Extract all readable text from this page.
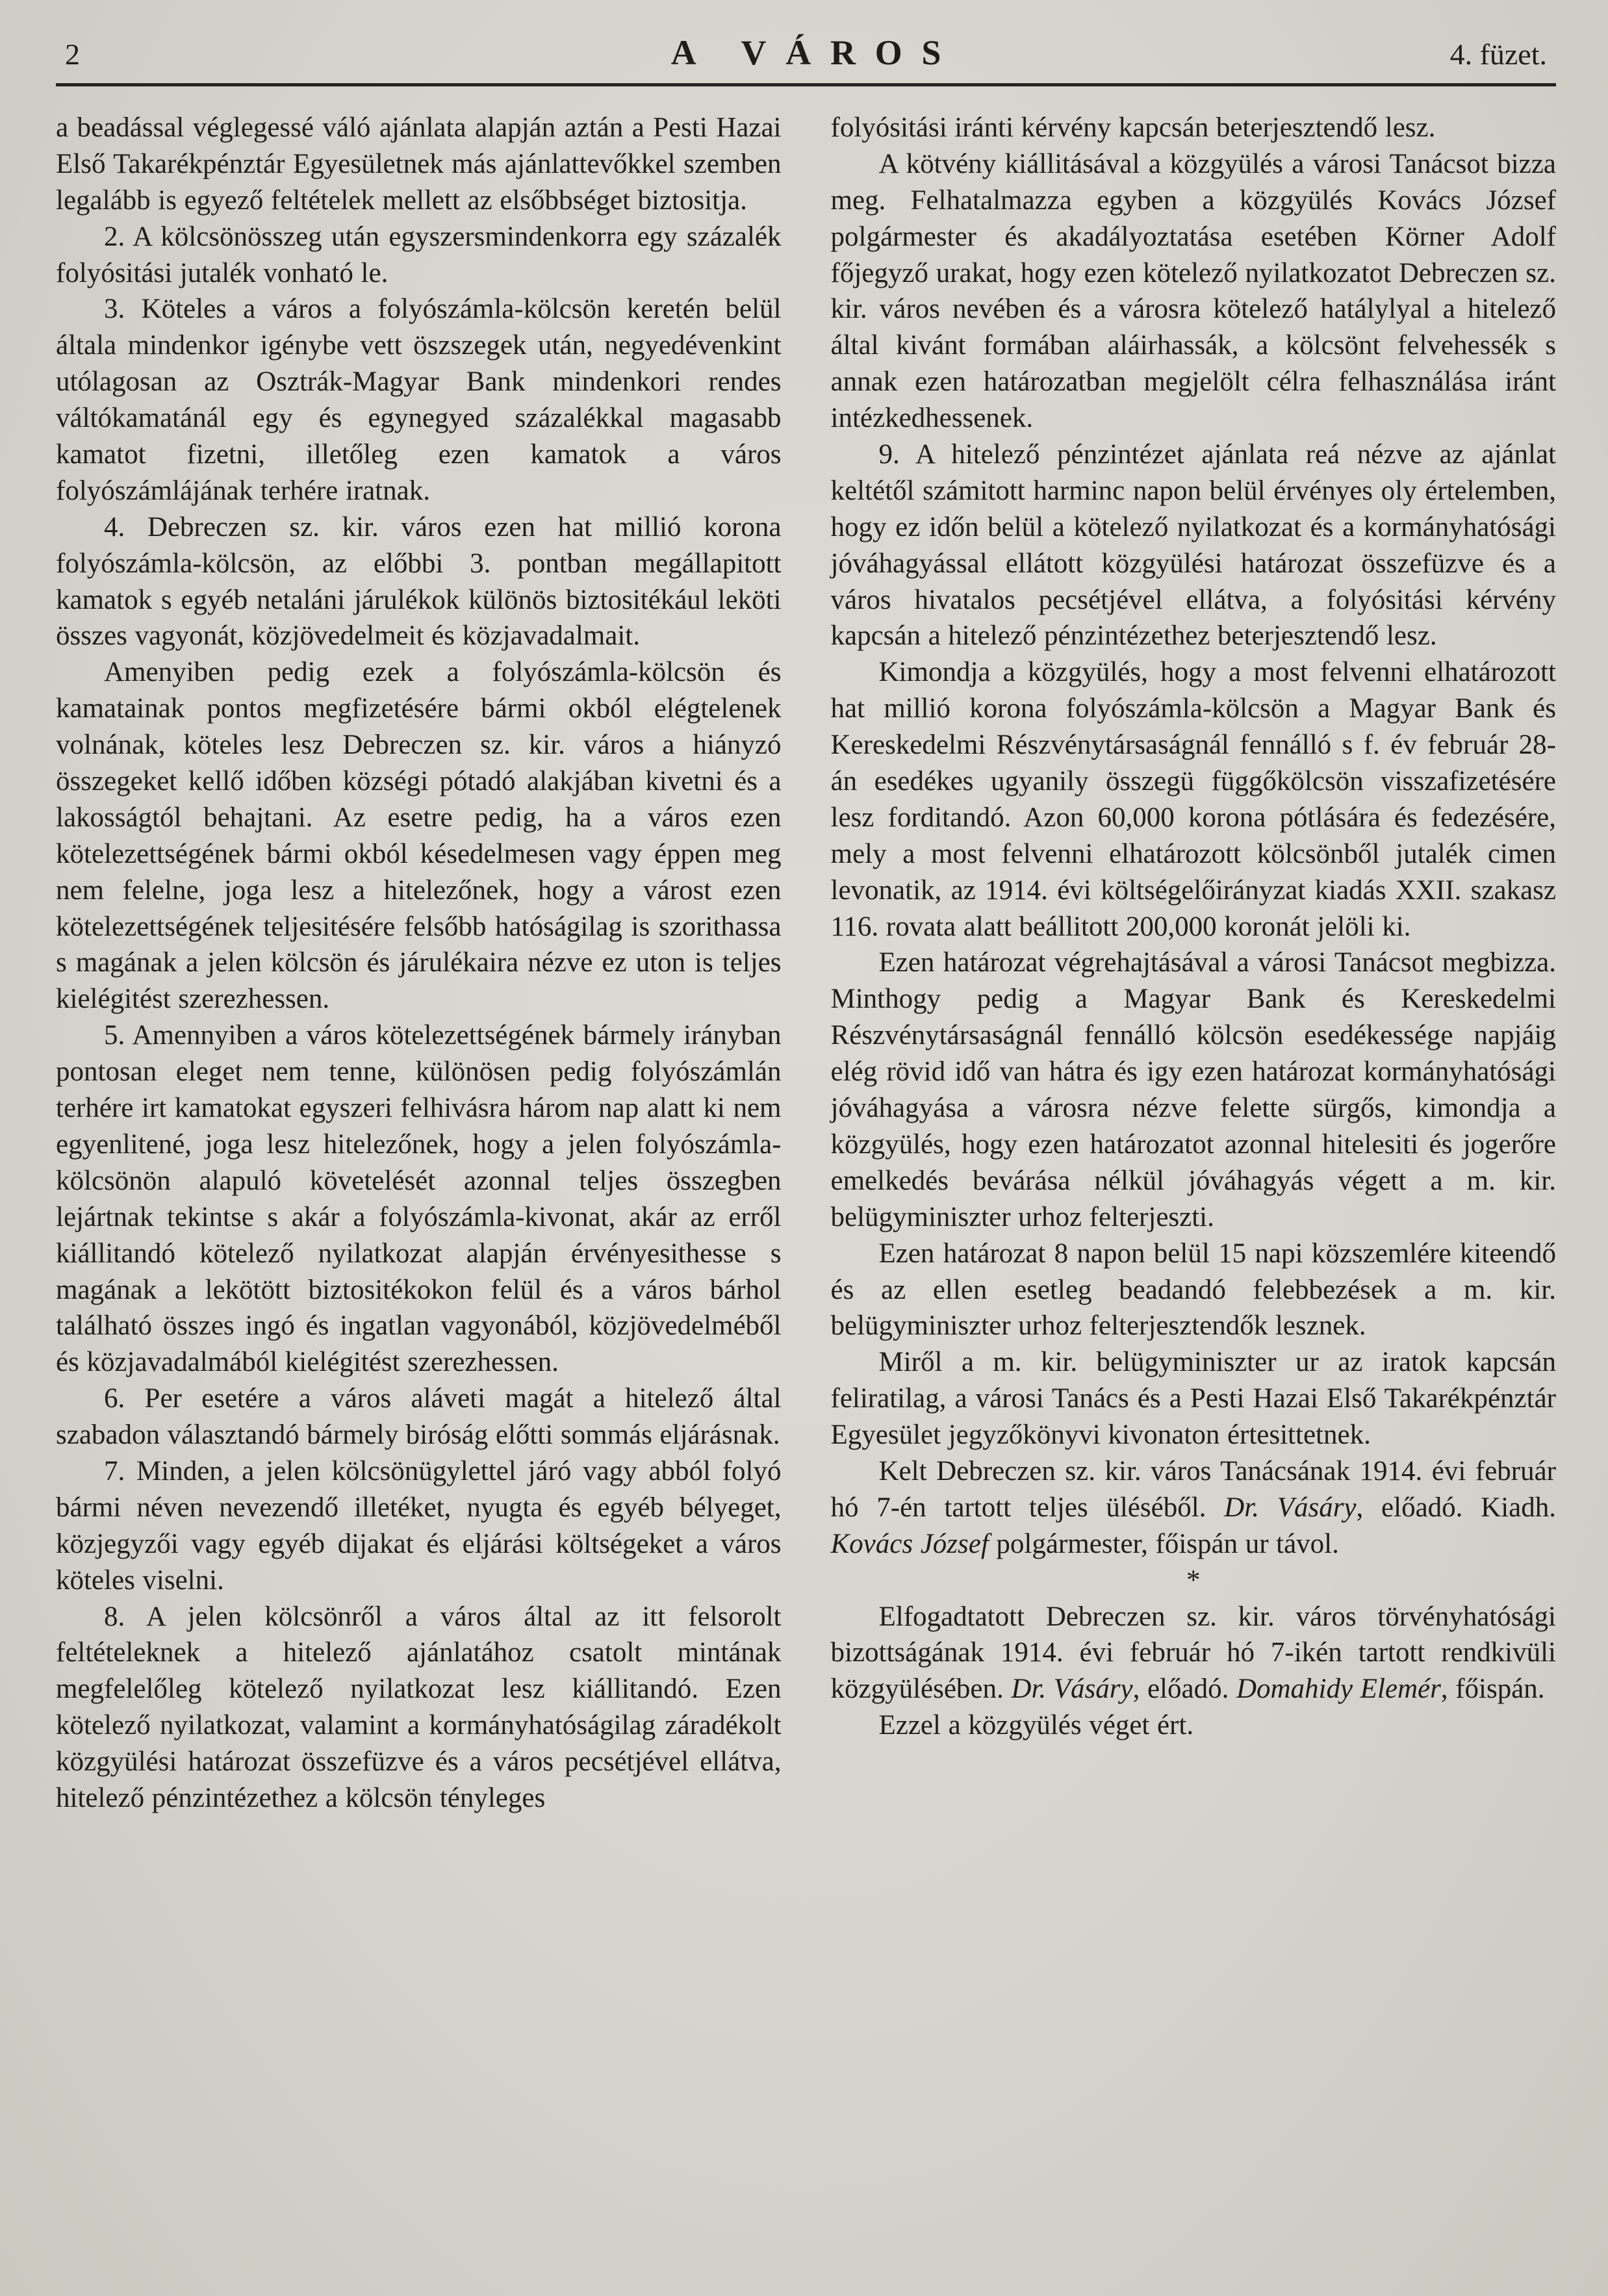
2	A VÁROS	4. füzet.

a beadással véglegessé váló ajánlata alapján aztán a Pesti Hazai Első Takarékpénztár Egyesületnek más ajánlattevőkkel szemben legalább is egyező feltételek mellett az elsőbbséget biztositja.

2. A kölcsönösszeg után egyszersmindenkorra egy százalék folyósitási jutalék vonható le.

3. Köteles a város a folyószámla-kölcsön keretén belül általa mindenkor igénybe vett öszszegek után, negyedévenkint utólagosan az Osztrák-Magyar Bank mindenkori rendes váltókamatánál egy és egynegyed százalékkal magasabb kamatot fizetni, illetőleg ezen kamatok a város folyószámlájának terhére iratnak.

4. Debreczen sz. kir. város ezen hat millió korona folyószámla-kölcsön, az előbbi 3. pontban megállapitott kamatok s egyéb netaláni járulékok különös biztositékául leköti összes vagyonát, közjövedelmeit és közjavadalmait.

Amenyiben pedig ezek a folyószámla-kölcsön és kamatainak pontos megfizetésére bármi okból elégtelenek volnának, köteles lesz Debreczen sz. kir. város a hiányzó összegeket kellő időben községi pótadó alakjában kivetni és a lakosságtól behajtani. Az esetre pedig, ha a város ezen kötelezettségének bármi okból késedelmesen vagy éppen meg nem felelne, joga lesz a hitelezőnek, hogy a várost ezen kötelezettségének teljesitésére felsőbb hatóságilag is szorithassa s magának a jelen kölcsön és járulékaira nézve ez uton is teljes kielégitést szerezhessen.

5. Amennyiben a város kötelezettségének bármely irányban pontosan eleget nem tenne, különösen pedig folyószámlán terhére irt kamatokat egyszeri felhivásra három nap alatt ki nem egyenlitené, joga lesz hitelezőnek, hogy a jelen folyószámla-kölcsönön alapuló követelését azonnal teljes összegben lejártnak tekintse s akár a folyószámla-kivonat, akár az erről kiállitandó kötelező nyilatkozat alapján érvényesithesse s magának a lekötött biztositékokon felül és a város bárhol található összes ingó és ingatlan vagyonából, közjövedelméből és közjavadalmából kielégitést szerezhessen.

6. Per esetére a város aláveti magát a hitelező által szabadon választandó bármely biróság előtti sommás eljárásnak.

7. Minden, a jelen kölcsönügylettel járó vagy abból folyó bármi néven nevezendő illetéket, nyugta és egyéb bélyeget, közjegyzői vagy egyéb dijakat és eljárási költségeket a város köteles viselni.

8. A jelen kölcsönről a város által az itt felsorolt feltételeknek a hitelező ajánlatához csatolt mintának megfelelőleg kötelező nyilatkozat lesz kiállitandó. Ezen kötelező nyilatkozat, valamint a kormányhatóságilag záradékolt közgyülési határozat összefüzve és a város pecsétjével ellátva, hitelező pénzintézethez a kölcsön tényleges

folyósitási iránti kérvény kapcsán beterjesztendő lesz.

A kötvény kiállitásával a közgyülés a városi Tanácsot bizza meg. Felhatalmazza egyben a közgyülés Kovács József polgármester és akadályoztatása esetében Körner Adolf főjegyző urakat, hogy ezen kötelező nyilatkozatot Debreczen sz. kir. város nevében és a városra kötelező hatálylyal a hitelező által kivánt formában aláirhassák, a kölcsönt felvehessék s annak ezen határozatban megjelölt célra felhasználása iránt intézkedhessenek.

9. A hitelező pénzintézet ajánlata reá nézve az ajánlat keltétől számitott harminc napon belül érvényes oly értelemben, hogy ez időn belül a kötelező nyilatkozat és a kormányhatósági jóváhagyással ellátott közgyülési határozat összefüzve és a város hivatalos pecsétjével ellátva, a folyósitási kérvény kapcsán a hitelező pénzintézethez beterjesztendő lesz.

Kimondja a közgyülés, hogy a most felvenni elhatározott hat millió korona folyószámla-kölcsön a Magyar Bank és Kereskedelmi Részvénytársaságnál fennálló s f. év február 28-án esedékes ugyanily összegü függőkölcsön visszafizetésére lesz forditandó. Azon 60,000 korona pótlására és fedezésére, mely a most felvenni elhatározott kölcsönből jutalék cimen levonatik, az 1914. évi költségelőirányzat kiadás XXII. szakasz 116. rovata alatt beállitott 200,000 koronát jelöli ki.

Ezen határozat végrehajtásával a városi Tanácsot megbizza. Minthogy pedig a Magyar Bank és Kereskedelmi Részvénytársaságnál fennálló kölcsön esedékessége napjáig elég rövid idő van hátra és igy ezen határozat kormányhatósági jóváhagyása a városra nézve felette sürgős, kimondja a közgyülés, hogy ezen határozatot azonnal hitelesiti és jogerőre emelkedés bevárása nélkül jóváhagyás végett a m. kir. belügyminiszter urhoz felterjeszti.

Ezen határozat 8 napon belül 15 napi közszemlére kiteendő és az ellen esetleg beadandó felebbezések a m. kir. belügyminiszter urhoz felterjesztendők lesznek.

Miről a m. kir. belügyminiszter ur az iratok kapcsán feliratilag, a városi Tanács és a Pesti Hazai Első Takarékpénztár Egyesület jegyzőkönyvi kivonaton értesittetnek.

Kelt Debreczen sz. kir. város Tanácsának 1914. évi február hó 7-én tartott teljes üléséből. Dr. Vásáry, előadó. Kiadh. Kovács József polgármester, főispán ur távol.

*

Elfogadtatott Debreczen sz. kir. város törvényhatósági bizottságának 1914. évi február hó 7-ikén tartott rendkivüli közgyülésében. Dr. Vásáry, előadó. Domahidy Elemér, főispán.

Ezzel a közgyülés véget ért.
